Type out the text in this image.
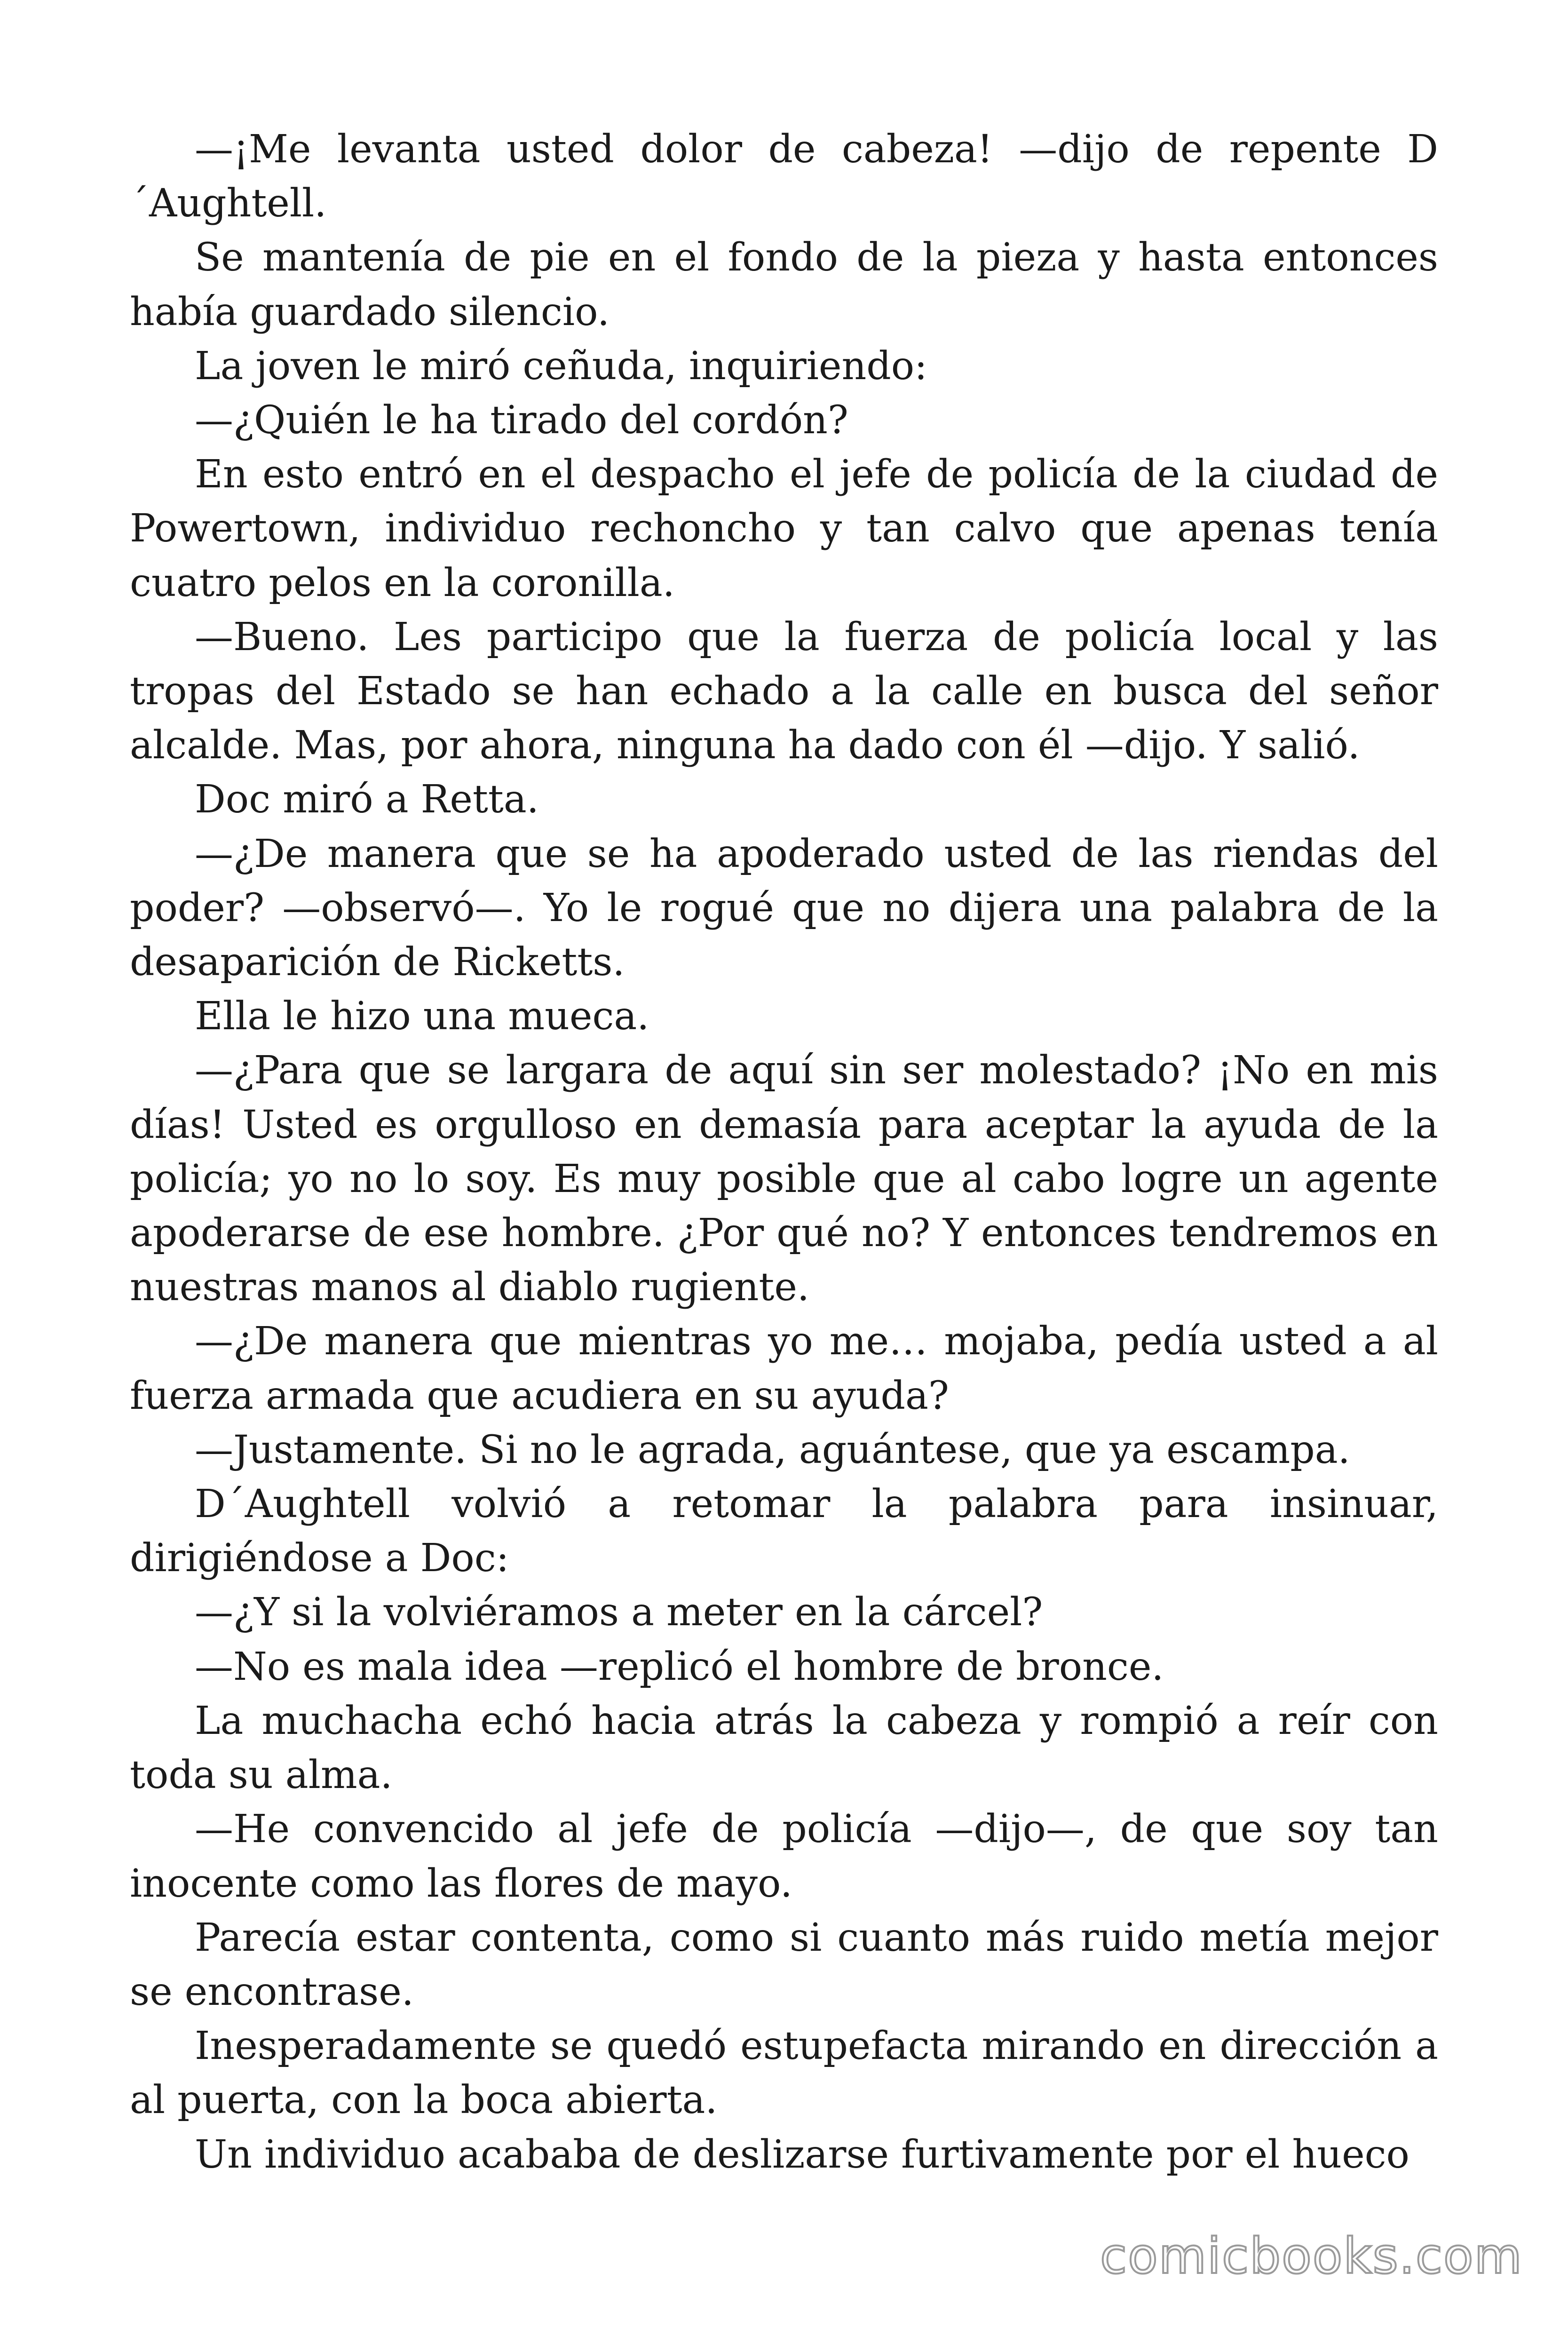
—¡Me levanta usted dolor de cabeza! —dijo de repente D ´Aughtell.

Se mantenía de pie en el fondo de la pieza y hasta entonces había guardado silencio.

La joven le miró ceñuda, inquiriendo:

—¿Quién le ha tirado del cordón?

En esto entró en el despacho el jefe de policía de la ciudad de Powertown, individuo rechoncho y tan calvo que apenas tenía cuatro pelos en la coronilla.

—Bueno. Les participo que la fuerza de policía local y las tropas del Estado se han echado a la calle en busca del señor alcalde. Mas, por ahora, ninguna ha dado con él —dijo. Y salió.

Doc miró a Retta.

—¿De manera que se ha apoderado usted de las riendas del poder? —observó—. Yo le rogué que no dijera una palabra de la desaparición de Ricketts.

Ella le hizo una mueca.

—¿Para que se largara de aquí sin ser molestado? ¡No en mis días! Usted es orgulloso en demasía para aceptar la ayuda de la policía; yo no lo soy. Es muy posible que al cabo logre un agente apoderarse de ese hombre. ¿Por qué no? Y entonces tendremos en nuestras manos al diablo rugiente.

—¿De manera que mientras yo me… mojaba, pedía usted a al fuerza armada que acudiera en su ayuda?

—Justamente. Si no le agrada, aguántese, que ya escampa.

D´Aughtell volvió a retomar la palabra para insinuar, dirigiéndose a Doc:

—¿Y si la volviéramos a meter en la cárcel?

—No es mala idea —replicó el hombre de bronce.

La muchacha echó hacia atrás la cabeza y rompió a reír con toda su alma.

—He convencido al jefe de policía —dijo—, de que soy tan inocente como las flores de mayo.

Parecía estar contenta, como si cuanto más ruido metía mejor se encontrase.

Inesperadamente se quedó estupefacta mirando en dirección a al puerta, con la boca abierta.

Un individuo acababa de deslizarse furtivamente por el hueco

comicbooks.com
